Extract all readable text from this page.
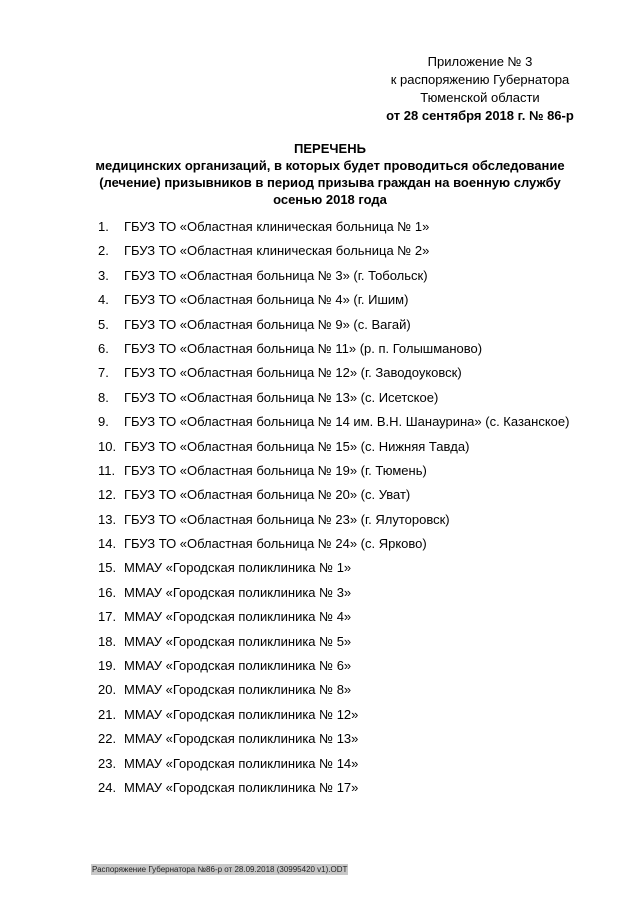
Приложение № 3
к распоряжению Губернатора
Тюменской области
от 28 сентября 2018 г. № 86-р
ПЕРЕЧЕНЬ
медицинских организаций, в которых будет проводиться обследование
(лечение) призывников в период призыва граждан на военную службу
осенью 2018 года
1.	ГБУЗ ТО «Областная клиническая больница № 1»
2.	ГБУЗ ТО «Областная клиническая больница № 2»
3.	ГБУЗ ТО «Областная больница № 3» (г. Тобольск)
4.	ГБУЗ ТО «Областная больница № 4» (г. Ишим)
5.	ГБУЗ ТО «Областная больница № 9» (с. Вагай)
6.	ГБУЗ ТО «Областная больница № 11» (р. п. Голышманово)
7.	ГБУЗ ТО «Областная больница № 12» (г. Заводоуковск)
8.	ГБУЗ ТО «Областная больница № 13» (с. Исетское)
9.	ГБУЗ ТО «Областная больница № 14 им. В.Н. Шанаурина» (с. Казанское)
10. ГБУЗ ТО «Областная больница № 15» (с. Нижняя Тавда)
11. ГБУЗ ТО «Областная больница № 19» (г. Тюмень)
12. ГБУЗ ТО «Областная больница № 20» (с. Уват)
13. ГБУЗ ТО «Областная больница № 23» (г. Ялуторовск)
14. ГБУЗ ТО «Областная больница № 24» (с. Ярково)
15. ММАУ «Городская поликлиника № 1»
16. ММАУ «Городская поликлиника № 3»
17. ММАУ «Городская поликлиника № 4»
18. ММАУ «Городская поликлиника № 5»
19. ММАУ «Городская поликлиника № 6»
20. ММАУ «Городская поликлиника № 8»
21. ММАУ «Городская поликлиника № 12»
22. ММАУ «Городская поликлиника № 13»
23. ММАУ «Городская поликлиника № 14»
24. ММАУ «Городская поликлиника № 17»
Распоряжение Губернатора №86-р от 28.09.2018 (30995420 v1).ODT
